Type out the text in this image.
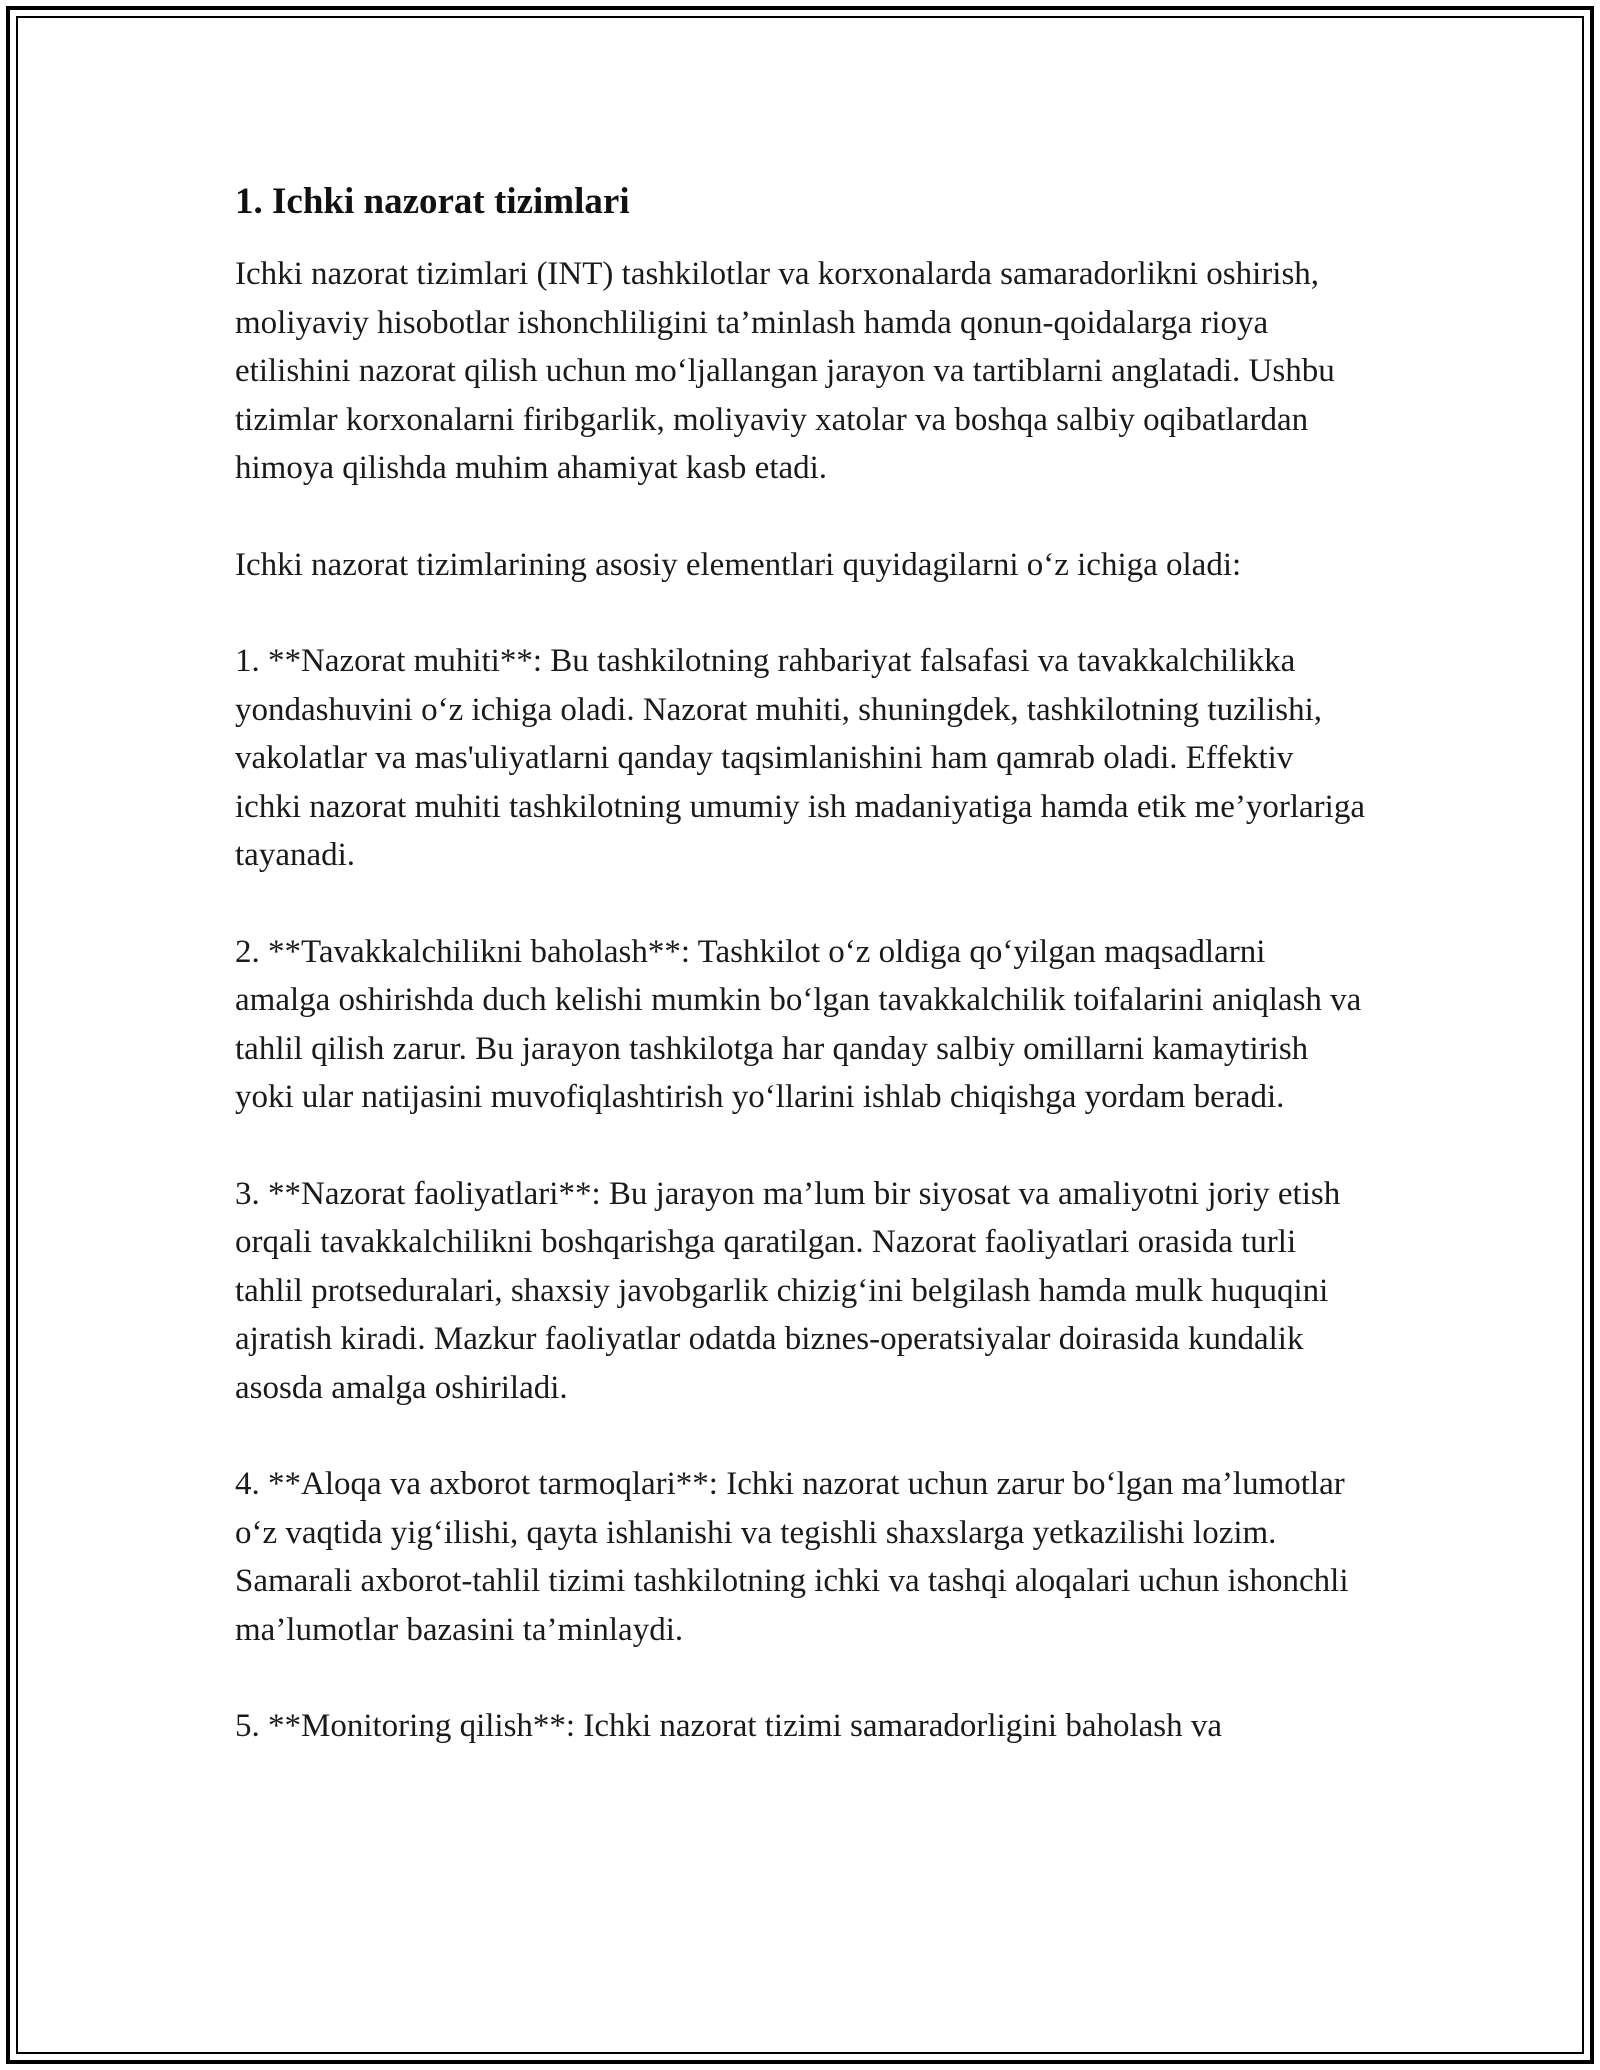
1. Ichki nazorat tizimlari

Ichki nazorat tizimlari (INT) tashkilotlar va korxonalarda samaradorlikni oshirish, moliyaviy hisobotlar ishonchliligini ta’minlash hamda qonun-qoidalarga rioya etilishini nazorat qilish uchun mo‘ljallangan jarayon va tartiblarni anglatadi. Ushbu tizimlar korxonalarni firibgarlik, moliyaviy xatolar va boshqa salbiy oqibatlardan himoya qilishda muhim ahamiyat kasb etadi.

Ichki nazorat tizimlarining asosiy elementlari quyidagilarni o‘z ichiga oladi:

1. **Nazorat muhiti**: Bu tashkilotning rahbariyat falsafasi va tavakkalchilikka yondashuvini o‘z ichiga oladi. Nazorat muhiti, shuningdek, tashkilotning tuzilishi, vakolatlar va mas'uliyatlarni qanday taqsimlanishini ham qamrab oladi. Effektiv ichki nazorat muhiti tashkilotning umumiy ish madaniyatiga hamda etik me’yorlariga tayanadi.

2. **Tavakkalchilikni baholash**: Tashkilot o‘z oldiga qo‘yilgan maqsadlarni amalga oshirishda duch kelishi mumkin bo‘lgan tavakkalchilik toifalarini aniqlash va tahlil qilish zarur. Bu jarayon tashkilotga har qanday salbiy omillarni kamaytirish yoki ular natijasini muvofiqlashtirish yo‘llarini ishlab chiqishga yordam beradi.

3. **Nazorat faoliyatlari**: Bu jarayon ma’lum bir siyosat va amaliyotni joriy etish orqali tavakkalchilikni boshqarishga qaratilgan. Nazorat faoliyatlari orasida turli tahlil protseduralari, shaxsiy javobgarlik chizig‘ini belgilash hamda mulk huquqini ajratish kiradi. Mazkur faoliyatlar odatda biznes-operatsiyalar doirasida kundalik asosda amalga oshiriladi.

4. **Aloqa va axborot tarmoqlari**: Ichki nazorat uchun zarur bo‘lgan ma’lumotlar o‘z vaqtida yig‘ilishi, qayta ishlanishi va tegishli shaxslarga yetkazilishi lozim. Samarali axborot-tahlil tizimi tashkilotning ichki va tashqi aloqalari uchun ishonchli ma’lumotlar bazasini ta’minlaydi.

5. **Monitoring qilish**: Ichki nazorat tizimi samaradorligini baholash va
